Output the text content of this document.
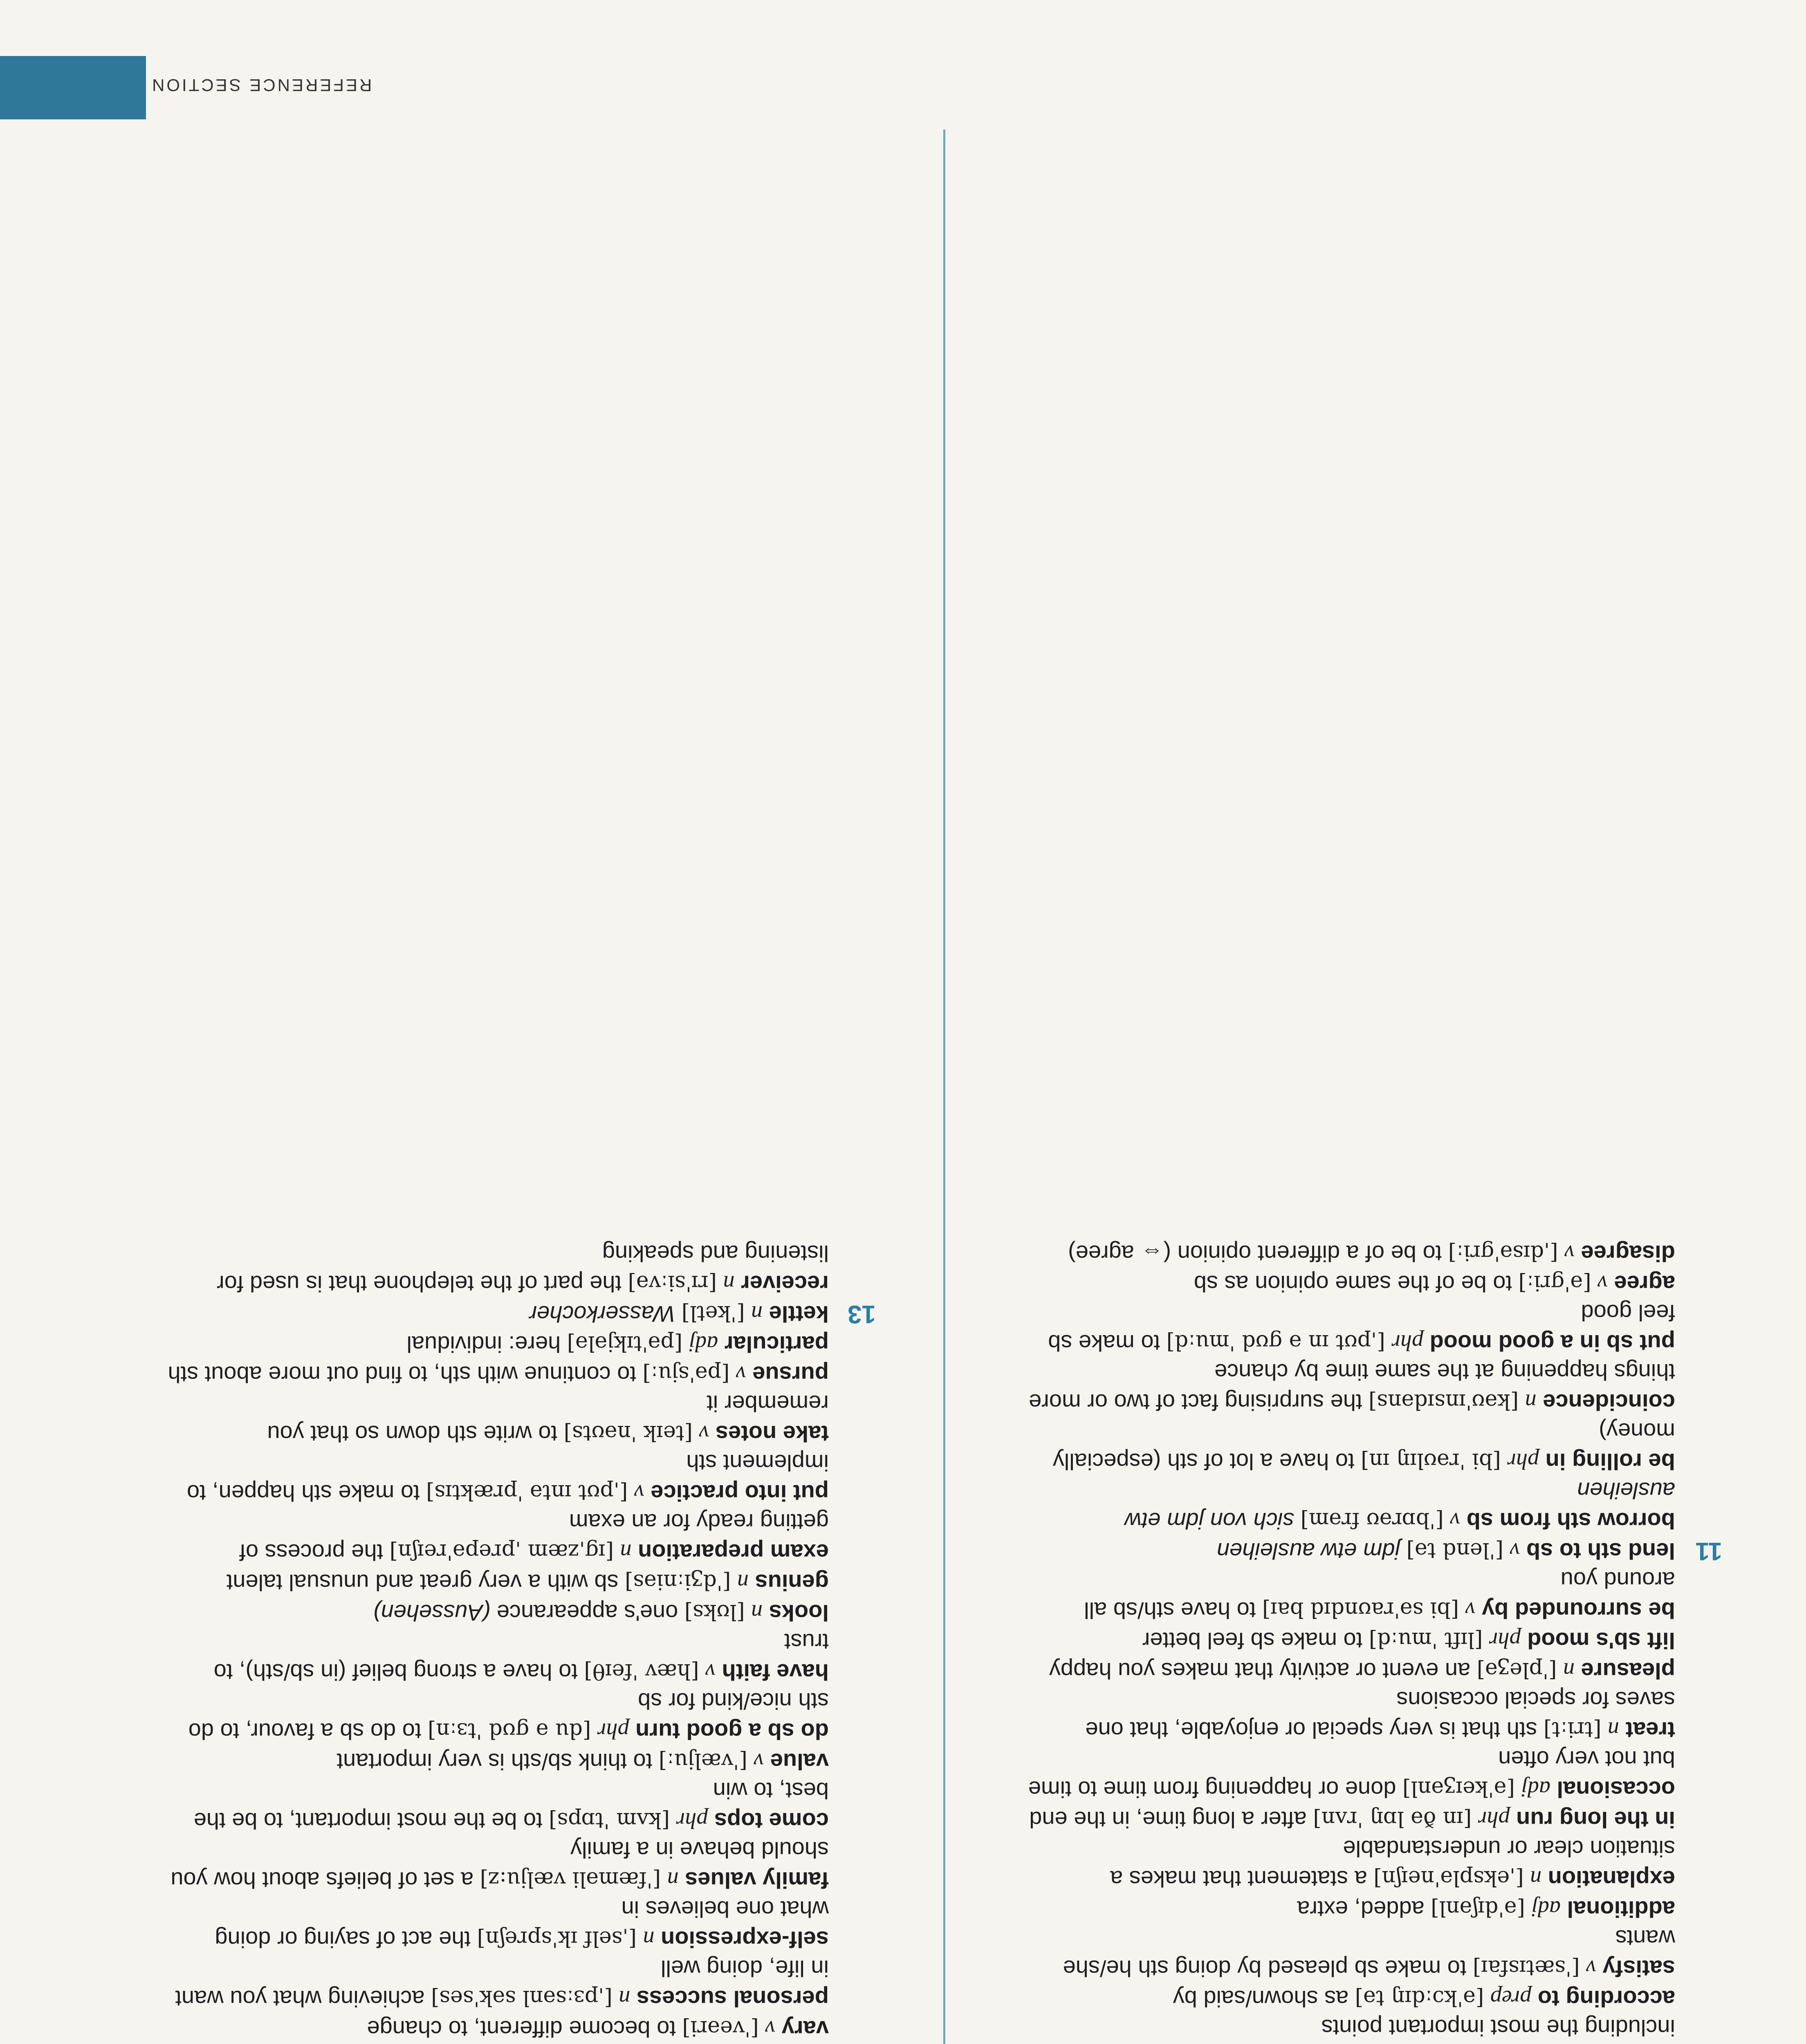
including the most important points
according to prep [əˈkɔːdɪŋ tə] as shown/said by
satisfy v [ˈsætɪsfaɪ] to make sb pleased by doing sth he/she wants
additional adj [əˈdɪʃənl] added, extra
explanation n [ˌekspləˈneɪʃn] a statement that makes a situation clear or understandable
in the long run phr [ɪn ðə lɒŋ ˈrʌn] after a long time, in the end
occasional adj [əˈkeɪʒənl] done or happening from time to time but not very often
treat n [triːt] sth that is very special or enjoyable, that one saves for special occasions
pleasure n [ˈpleʒə] an event or activity that makes you happy
lift sb's mood phr [lɪft ˈmuːd] to make sb feel better
be surrounded by v [bi səˈraʊndɪd baɪ] to have sth/sb all around you
11
lend sth to sb v [ˈlend tə] jdm etw ausleihen
borrow sth from sb v [ˈbɒrəʊ frəm] sich von jdm etw ausleihen
be rolling in phr [bi ˈrəʊlɪŋ ɪn] to have a lot of sth (especially money)
coincidence n [kəʊˈɪnsɪdəns] the surprising fact of two or more things happening at the same time by chance
put sb in a good mood phr [ˌpʊt ɪn ə ɡʊd ˈmuːd] to make sb feel good
agree v [əˈɡriː] to be of the same opinion as sb
disagree v [ˌdɪsəˈɡriː] to be of a different opinion (⇔ agree)
vary v [ˈveəri] to become different, to change
personal success n [ˌpɜːsənl səkˈses] achieving what you want in life, doing well
self-expression n [ˌself ɪkˈspreʃn] the act of saying or doing what one believes in
family values n [ˈfæməli vælju:z] a set of beliefs about how you should behave in a family
come tops phr [kʌm ˈtɒps] to be the most important, to be the best, to win
value v [ˈvæljuː] to think sb/sth is very important
do sb a good turn phr [du ə ɡʊd ˈtɜːn] to do sb a favour, to do sth nice/kind for sb
have faith v [hæv ˈfeɪθ] to have a strong belief (in sb/sth), to trust
looks n [lʊks] one's appearance (Aussehen)
genius n [ˈdʒiːniəs] sb with a very great and unusual talent
exam preparation n [ɪɡˌzæm ˌprepəˈreɪʃn] the process of getting ready for an exam
put into practice v [ˌpʊt ɪntə ˈpræktɪs] to make sth happen, to implement sth
take notes v [teɪk ˈnəʊts] to write sth down so that you remember it
pursue v [pəˈsjuː] to continue with sth, to find out more about sth
particular adj [pəˈtɪkjələ] here: individual
13
kettle n [ˈketl] Wasserkocher
receiver n [rɪˈsiːvə] the part of the telephone that is used for listening and speaking
REFERENCE SECTION
